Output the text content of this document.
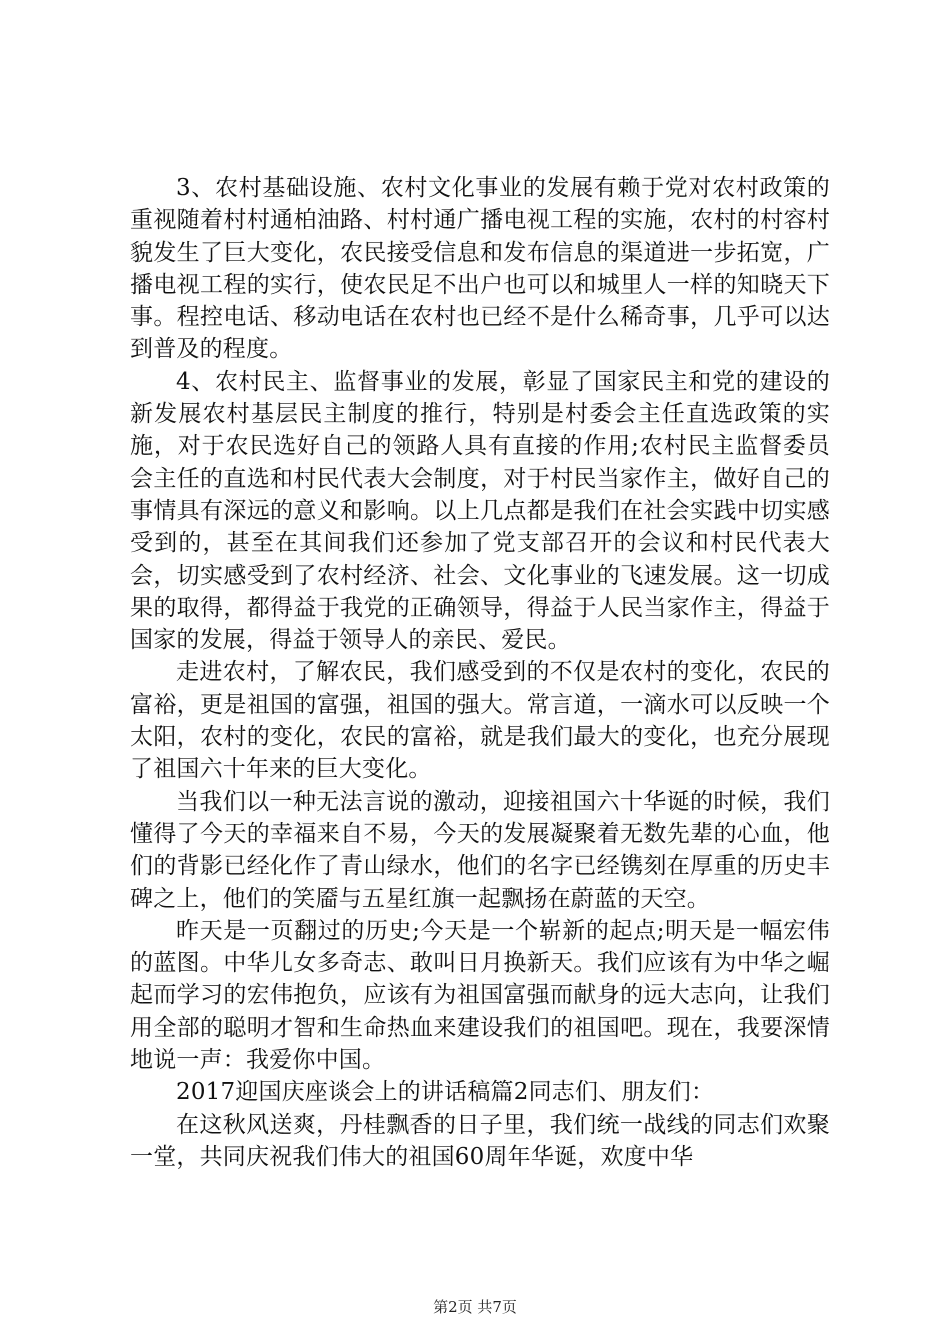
3、农村基础设施、农村文化事业的发展有赖于党对农村政策的重视随着村村通柏油路、村村通广播电视工程的实施，农村的村容村貌发生了巨大变化，农民接受信息和发布信息的渠道进一步拓宽，广播电视工程的实行，使农民足不出户也可以和城里人一样的知晓天下事。程控电话、移动电话在农村也已经不是什么稀奇事，几乎可以达到普及的程度。

4、农村民主、监督事业的发展，彰显了国家民主和党的建设的新发展农村基层民主制度的推行，特别是村委会主任直选政策的实施，对于农民选好自己的领路人具有直接的作用;农村民主监督委员会主任的直选和村民代表大会制度，对于村民当家作主，做好自己的事情具有深远的意义和影响。以上几点都是我们在社会实践中切实感受到的，甚至在其间我们还参加了党支部召开的会议和村民代表大会，切实感受到了农村经济、社会、文化事业的飞速发展。这一切成果的取得，都得益于我党的正确领导，得益于人民当家作主，得益于国家的发展，得益于领导人的亲民、爱民。

走进农村，了解农民，我们感受到的不仅是农村的变化，农民的富裕，更是祖国的富强，祖国的强大。常言道，一滴水可以反映一个太阳，农村的变化，农民的富裕，就是我们最大的变化，也充分展现了祖国六十年来的巨大变化。

当我们以一种无法言说的激动，迎接祖国六十华诞的时候，我们懂得了今天的幸福来自不易，今天的发展凝聚着无数先辈的心血，他们的背影已经化作了青山绿水，他们的名字已经镌刻在厚重的历史丰碑之上，他们的笑靥与五星红旗一起飘扬在蔚蓝的天空。

昨天是一页翻过的历史;今天是一个崭新的起点;明天是一幅宏伟的蓝图。中华儿女多奇志、敢叫日月换新天。我们应该有为中华之崛起而学习的宏伟抱负，应该有为祖国富强而献身的远大志向，让我们用全部的聪明才智和生命热血来建设我们的祖国吧。现在，我要深情地说一声：我爱你中国。

2017迎国庆座谈会上的讲话稿篇2同志们、朋友们：

在这秋风送爽，丹桂飘香的日子里，我们统一战线的同志们欢聚一堂，共同庆祝我们伟大的祖国60周年华诞，欢度中华

第2页 共7页
